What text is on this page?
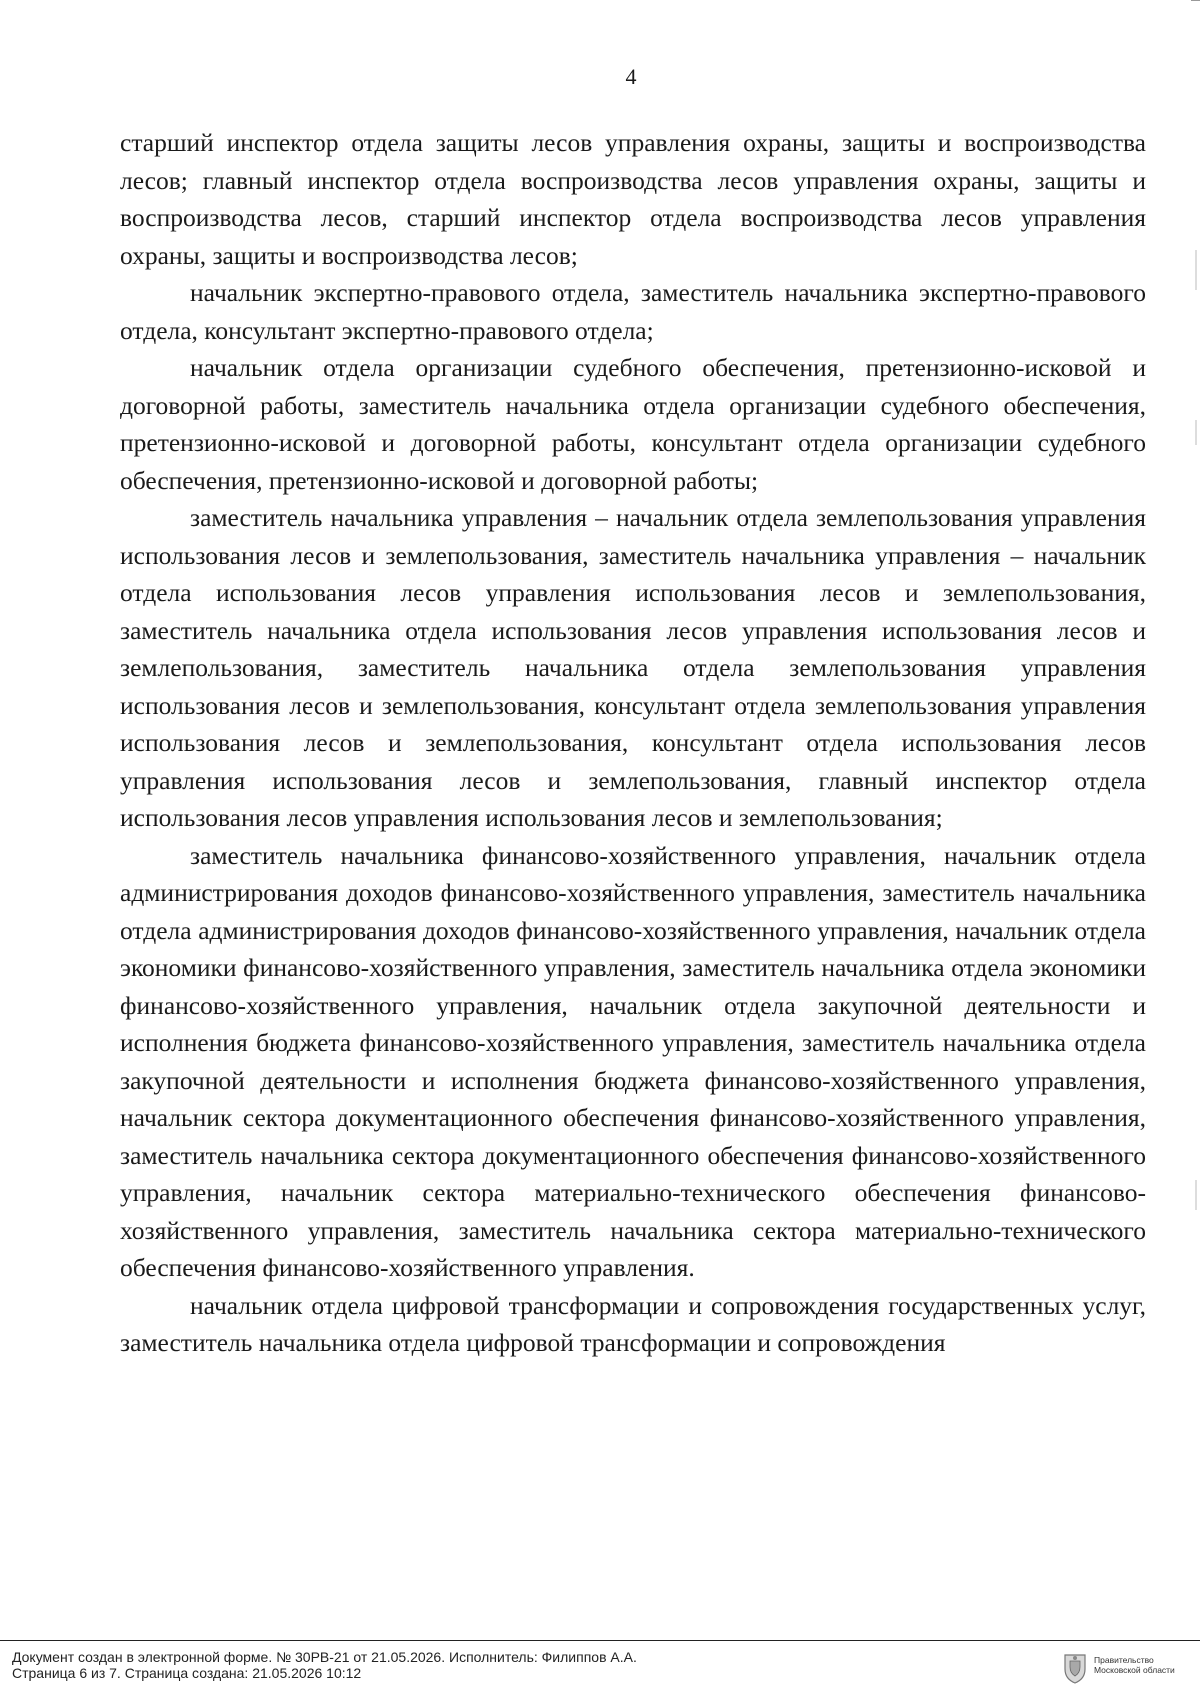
4

старший инспектор отдела защиты лесов управления охраны, защиты и воспроизводства лесов; главный инспектор отдела воспроизводства лесов управления охраны, защиты и воспроизводства лесов, старший инспектор отдела воспроизводства лесов управления охраны, защиты и воспроизводства лесов;

начальник экспертно-правового отдела, заместитель начальника экспертно-правового отдела, консультант экспертно-правового отдела;

начальник отдела организации судебного обеспечения, претензионно-исковой и договорной работы, заместитель начальника отдела организации судебного обеспечения, претензионно-исковой и договорной работы, консультант отдела организации судебного обеспечения, претензионно-исковой и договорной работы;

заместитель начальника управления – начальник отдела землепользования управления использования лесов и землепользования, заместитель начальника управления – начальник отдела использования лесов управления использования лесов и землепользования, заместитель начальника отдела использования лесов управления использования лесов и землепользования, заместитель начальника отдела землепользования управления использования лесов и землепользования, консультант отдела землепользования управления использования лесов и землепользования, консультант отдела использования лесов управления использования лесов и землепользования, главный инспектор отдела использования лесов управления использования лесов и землепользования;

заместитель начальника финансово-хозяйственного управления, начальник отдела администрирования доходов финансово-хозяйственного управления, заместитель начальника отдела администрирования доходов финансово-хозяйственного управления, начальник отдела экономики финансово-хозяйственного управления, заместитель начальника отдела экономики финансово-хозяйственного управления, начальник отдела закупочной деятельности и исполнения бюджета финансово-хозяйственного управления, заместитель начальника отдела закупочной деятельности и исполнения бюджета финансово-хозяйственного управления, начальник сектора документационного обеспечения финансово-хозяйственного управления, заместитель начальника сектора документационного обеспечения финансово-хозяйственного управления, начальник сектора материально-технического обеспечения финансово-хозяйственного управления, заместитель начальника сектора материально-технического обеспечения финансово-хозяйственного управления.

начальник отдела цифровой трансформации и сопровождения государственных услуг, заместитель начальника отдела цифровой трансформации и сопровождения

Документ создан в электронной форме. № 30РВ-21 от 21.05.2026. Исполнитель: Филиппов А.А.
Страница 6 из 7. Страница создана: 21.05.2026 10:12
Правительство
Московской области
